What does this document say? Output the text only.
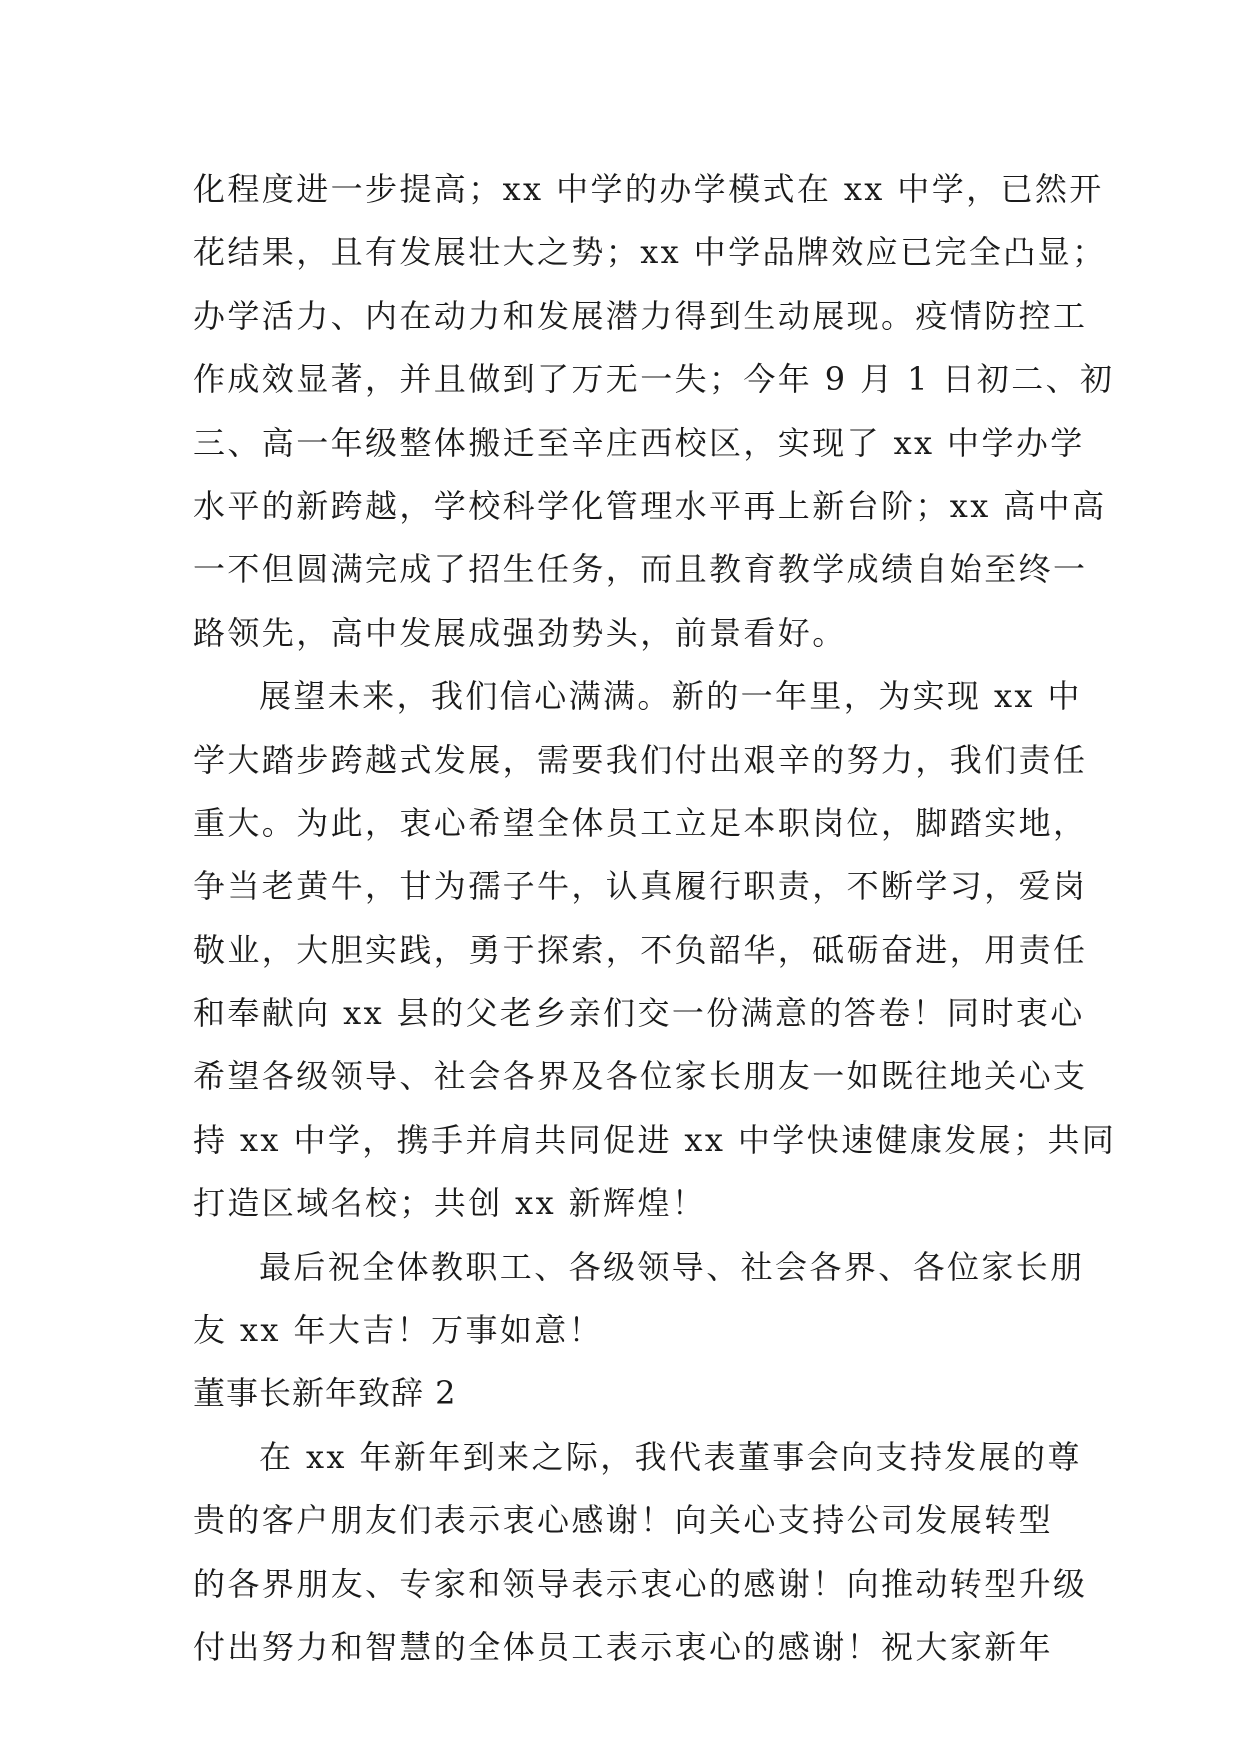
化程度进一步提高；xx 中学的办学模式在 xx 中学，已然开
花结果，且有发展壮大之势；xx 中学品牌效应已完全凸显；
办学活力、内在动力和发展潜力得到生动展现。疫情防控工
作成效显著，并且做到了万无一失；今年 9 月 1 日初二、初
三、高一年级整体搬迁至辛庄西校区，实现了 xx 中学办学
水平的新跨越，学校科学化管理水平再上新台阶；xx 高中高
一不但圆满完成了招生任务，而且教育教学成绩自始至终一
路领先，高中发展成强劲势头，前景看好。
展望未来，我们信心满满。新的一年里，为实现 xx 中
学大踏步跨越式发展，需要我们付出艰辛的努力，我们责任
重大。为此，衷心希望全体员工立足本职岗位，脚踏实地，
争当老黄牛，甘为孺子牛，认真履行职责，不断学习，爱岗
敬业，大胆实践，勇于探索，不负韶华，砥砺奋进，用责任
和奉献向 xx 县的父老乡亲们交一份满意的答卷！同时衷心
希望各级领导、社会各界及各位家长朋友一如既往地关心支
持 xx 中学，携手并肩共同促进 xx 中学快速健康发展；共同
打造区域名校；共创 xx 新辉煌！
最后祝全体教职工、各级领导、社会各界、各位家长朋
友 xx 年大吉！万事如意！
董事长新年致辞 2
在 xx 年新年到来之际，我代表董事会向支持发展的尊
贵的客户朋友们表示衷心感谢！向关心支持公司发展转型
的各界朋友、专家和领导表示衷心的感谢！向推动转型升级
付出努力和智慧的全体员工表示衷心的感谢！祝大家新年
